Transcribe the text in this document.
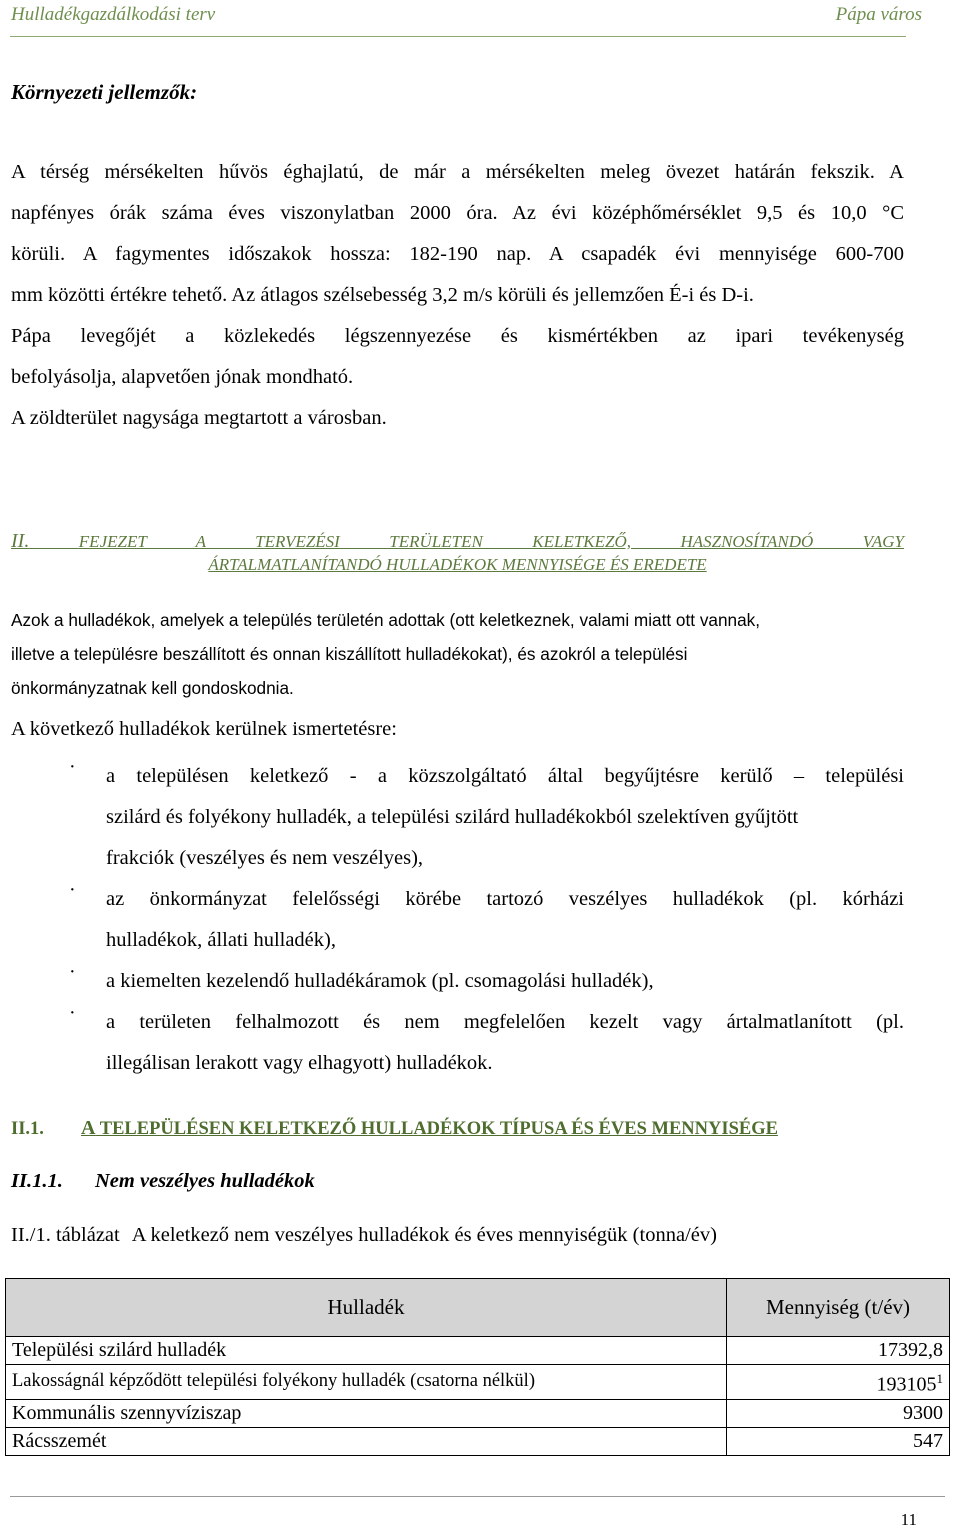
Hulladékgazdálkodási terv	Pápa város
Környezeti jellemzők:
A térség mérsékelten hűvös éghajlatú, de már a mérsékelten meleg övezet határán fekszik. A
napfényes órák száma éves viszonylatban 2000 óra. Az évi középhőmérséklet 9,5 és 10,0 °C
körüli. A fagymentes időszakok hossza: 182-190 nap. A csapadék évi mennyisége 600-700
mm közötti értékre tehető. Az átlagos szélsebesség 3,2 m/s körüli és jellemzően É-i és D-i.
Pápa levegőjét a közlekedés légszennyezése és kismértékben az ipari tevékenység
befolyásolja, alapvetően jónak mondható.
A zöldterület nagysága megtartott a városban.
II.	FEJEZET A TERVEZÉSI TERÜLETEN KELETKEZŐ, HASZNOSÍTANDÓ VAGY
ÁRTALMATLANÍTANDÓ HULLADÉKOK MENNYISÉGE ÉS EREDETE
Azok a hulladékok, amelyek a település területén adottak (ott keletkeznek, valami miatt ott vannak,
illetve a településre beszállított és onnan kiszállított hulladékokat), és azokról a települési
önkormányzatnak kell gondoskodnia.
A következő hulladékok kerülnek ismertetésre:
· a településen keletkező - a közszolgáltató által begyűjtésre kerülő – települési
szilárd és folyékony hulladék, a települési szilárd hulladékokból szelektíven gyűjtött
frakciók (veszélyes és nem veszélyes),
· az önkormányzat felelősségi körébe tartozó veszélyes hulladékok (pl. kórházi
hulladékok, állati hulladék),
· a kiemelten kezelendő hulladékáramok (pl. csomagolási hulladék),
· a területen felhalmozott és nem megfelelően kezelt vagy ártalmatlanított (pl.
illegálisan lerakott vagy elhagyott) hulladékok.
II.1. A TELEPÜLÉSEN KELETKEZŐ HULLADÉKOK TÍPUSA ÉS ÉVES MENNYISÉGE
II.1.1. Nem veszélyes hulladékok
II./1. táblázat A keletkező nem veszélyes hulladékok és éves mennyiségük (tonna/év)
Hulladék	Mennyiség (t/év)
Települési szilárd hulladék	17392,8
Lakosságnál képződött települési folyékony hulladék (csatorna nélkül)	193105$^1$
Kommunális szennyvíziszap	9300
Rácsszemét	547
11
